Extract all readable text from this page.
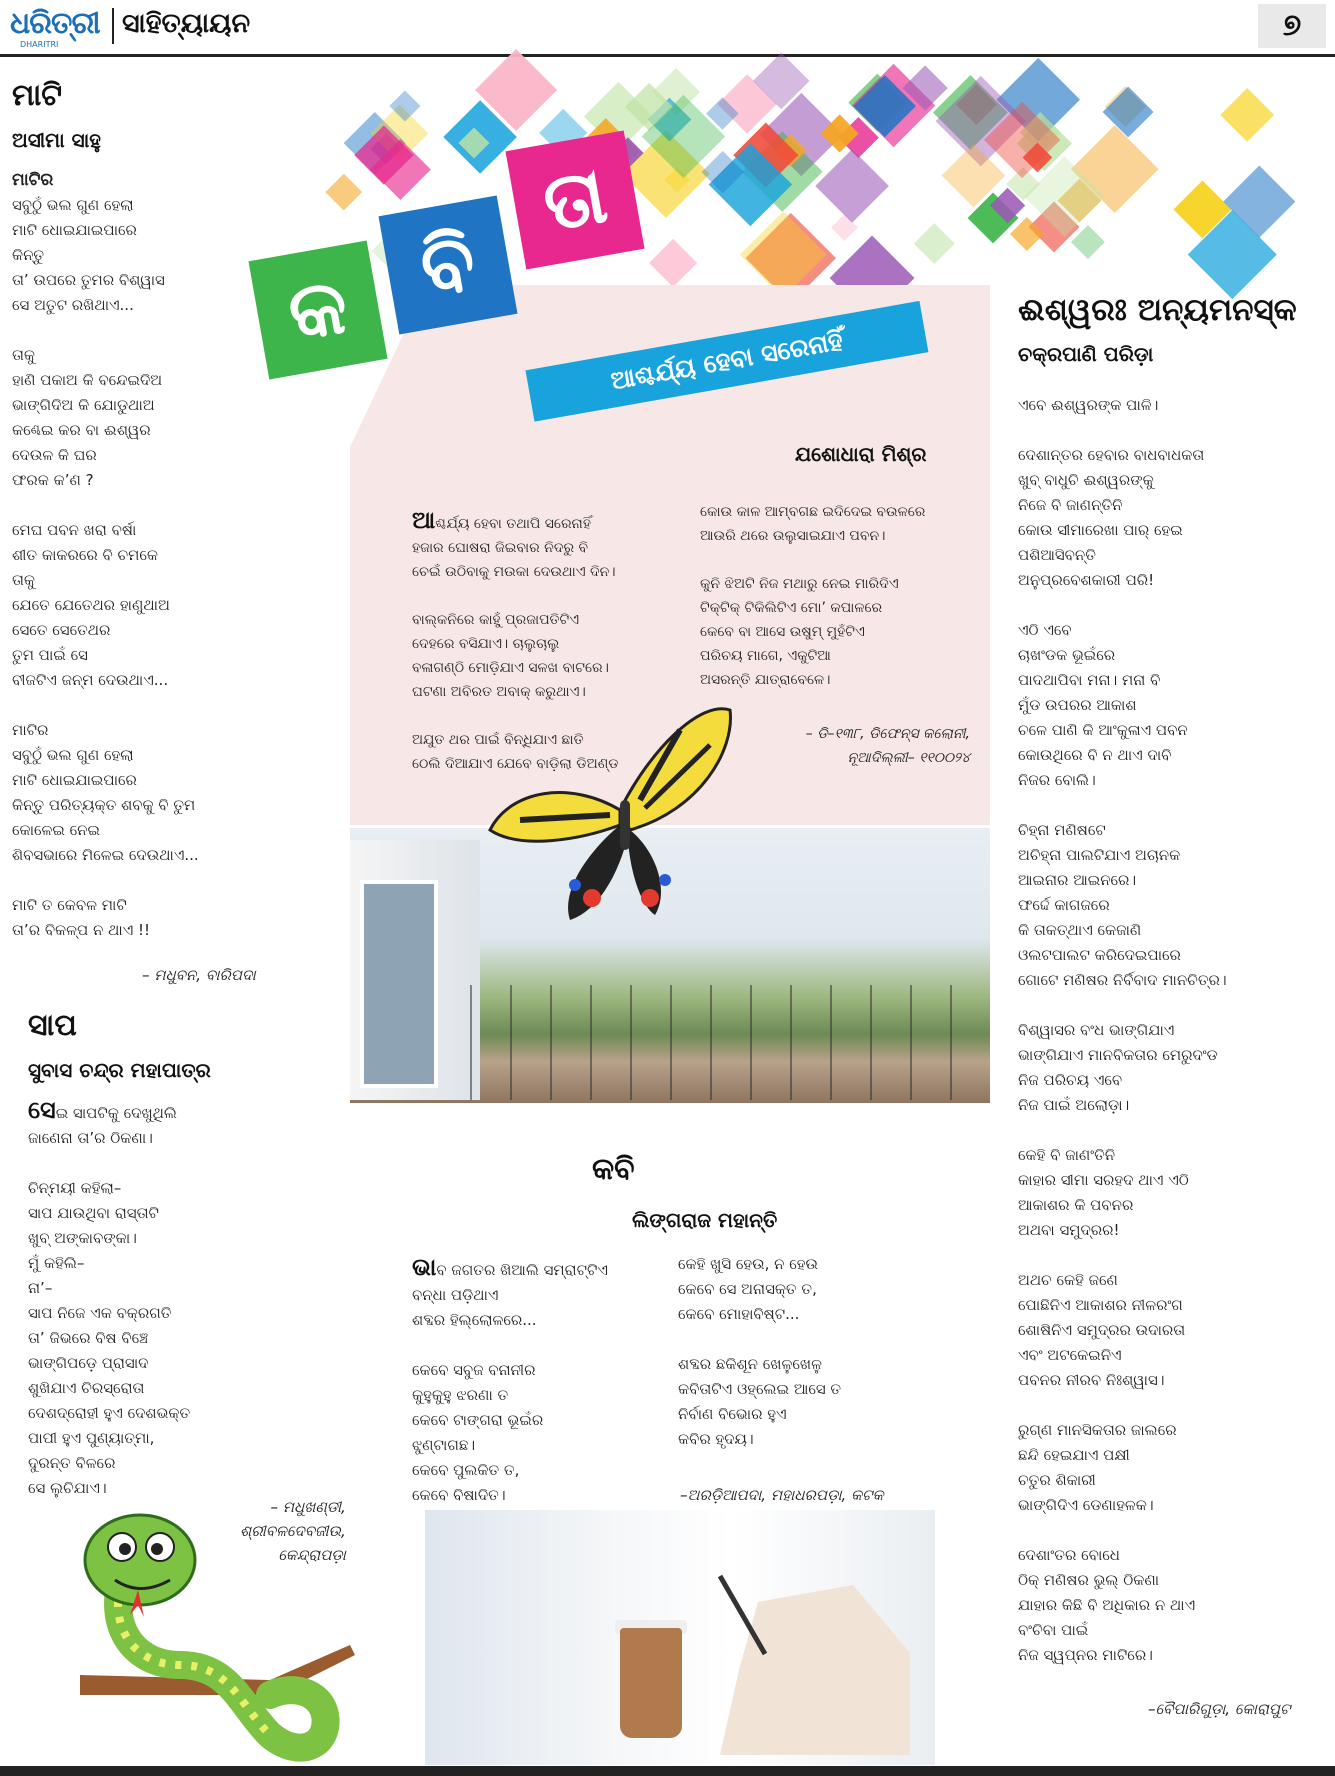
ଧରିତ୍ରୀ
DHARITRI
ସାହିତ୍ୟାୟନ	୭
କ ବି
ତା
ଆଶ୍ଚର୍ଯ୍ୟ ହେବା ସରେନାହିଁ
ମାଟି
ଅସୀମା ସାହୁ

ମାଟିର
ସବୁଠୁଁ ଭଲ ଗୁଣ ହେଲା
ମାଟି ଧୋଇଯାଇପାରେ
କିନ୍ତୁ
ତା’ ଉପରେ ତୁମର ବିଶ୍ୱାସ
ସେ ଅତୁଟ ରଖିଥାଏ...

ତାକୁ
ହାଣି ପକାଅ କି ବନ୍ଦେଇଦିଅ
ଭାଙ୍ଗିଦିଅ କି ଯୋଡୁଥାଅ
କଣ୍ଢେଇ କର ବା ଈଶ୍ୱର
ଦେଉଳ କି ଘର
ଫରକ କ’ଣ ?

ମେଘ ପବନ ଖରା ବର୍ଷା
ଶୀତ କାକରରେ ବି ଚମକେ
ତାକୁ
ଯେତେ ଯେତେଥର ହାଣୁଥାଅ
ସେତେ ସେତେଥର
ତୁମ ପାଇଁ ସେ
ବୀଜଟିଏ ଜନ୍ମ ଦେଉଥାଏ...

ମାଟିର
ସବୁଠୁଁ ଭଲ ଗୁଣ ହେଲା
ମାଟି ଧୋଇଯାଇପାରେ
କିନ୍ତୁ ପରିତ୍ୟକ୍ତ ଶବକୁ ବି ତୁମ
କୋଳେଇ ନେଇ
ଶିବସଭାରେ ମିଳେଇ ଦେଉଥାଏ...

ମାଟି ତ କେବଳ ମାଟି
ତା’ର ବିକଳ୍ପ ନ ଥାଏ !!

– ମଧୁବନ, ବାରିପଦା
ସାପ
ସୁବାସ ଚନ୍ଦ୍ର ମହାପାତ୍ର

ସେଇ ସାପଟିକୁ ଦେଖୁଥିଲି
ଜାଣେନା ତା’ର ଠିକଣା।

ଚିନ୍ମୟୀ କହିଲା–
ସାପ ଯାଉଥିବା ରାସ୍ତାଟି
ଖୁବ୍ ଅଙ୍କାବଙ୍କା।
ମୁଁ କହିଲି–
ନା’–
ସାପ ନିଜେ ଏକ ବକ୍ରଗତି
ତା’ ଜିଭରେ ବିଷ ବିଞ୍ଚେ
ଭାଙ୍ଗିପଡ଼େ ପ୍ରାସାଦ
ଶୁଖିଯାଏ ଚିରସ୍ରୋତା
ଦେଶଦ୍ରୋହୀ ହୁଏ ଦେଶଭକ୍ତ
ପାପୀ ହୁଏ ପୁଣ୍ୟାତ୍ମା,
ଦୁରନ୍ତ ବିଳରେ
ସେ ଲୁଚିଯାଏ।

– ମଧୁଖଣ୍ଡୀ,
ଶ୍ରୀବଳଦେବଜୀଉ,
କେନ୍ଦ୍ରାପଡ଼ା
ଯଶୋଧାରା ମିଶ୍ର

ଆଶ୍ଚର୍ଯ୍ୟ ହେବା ତଥାପି ସରେନାହିଁ
ହଜାର ଘୋଷରା ଜିଇବାର ନିଦରୁ ବି
ଚେଇଁ ଉଠିବାକୁ ମଉକା ଦେଉଥାଏ ଦିନ।

ବାଲ୍‌କନିରେ କାହୁଁ ପ୍ରଜାପତିଟିଏ
ଦେହରେ ବସିଯାଏ। ଚାଲୁଚାଲୁ
ବଳାଗଣ୍ଠି ମୋଡ଼ିଯାଏ ସଳଖ ବାଟରେ।
ଘଟଣା ଅବିରତ ଅବାକ୍ କରୁଥାଏ।

ଅଯୁତ ଥର ପାଇଁ ବିନ୍ଧିଯାଏ ଛାତି
ଠେଲି ଦିଆଯାଏ ଯେବେ ବାଡ଼ିଲା ଡିଅଣ୍ଡ

କୋଉ କାଳ ଆମ୍ବଗଛ ଇଦିଦେଇ ବଉଳରେ
ଆଉରି ଥରେ ଉଲୁସାଇଯାଏ ପବନ।

କୁନି ଝିଅଟି ନିଜ ମଥାରୁ ନେଇ ମାରିଦିଏ
ଟିକ୍‌ଟିକ୍ ଟିକିଲିଟିଏ ମୋ’ କପାଳରେ
କେବେ ବା ଆସେ ଉଷୁମ୍ ମୁହଁଟିଏ
ପରିଚୟ ମାଗେ, ଏକୁଟିଆ
ଅସରନ୍ତି ଯାତ୍ରାବେଳେ।

– ଡି–୧୩୮, ଡିଫେନ୍ସ କଲୋନୀ,
ନୂଆଦିଲ୍ଲୀ– ୧୧୦୦୨୪
କବି
ଲିଙ୍ଗରାଜ ମହାନ୍ତି

ଭାବ ଜଗତର ଖିଆଲି ସମ୍ରାଟ୍‌ଟିଏ
ବନ୍ଧା ପଡ଼ିଥାଏ
ଶବ୍ଦର ହିଲ୍ଲୋଳରେ...

କେବେ ସବୁଜ ବନାନୀର
କୁହୁକୁହୁ ଝରଣା ତ
କେବେ ଟାଙ୍ଗରା ଭୂଇଁର
ଝୁଣ୍ଟାଗଛ।
କେବେ ପୁଲକିତ ତ,
କେବେ ବିଷାଦିତ।

କେହି ଖୁସି ହେଉ, ନ ହେଉ
କେବେ ସେ ଅନାସକ୍ତ ତ,
କେବେ ମୋହାବିଷ୍ଟ...

ଶବ୍ଦର ଛକିଶୂନ ଖେଳୁଖେଳୁ
କବିତାଟିଏ ଓହ୍ଲେଇ ଆସେ ତ
ନିର୍ବାଣ ବିଭୋର ହୁଏ
କବିର ହୃଦୟ।

–ଅରଡ଼ିଆପଦା, ମହାଧରପଡ଼ା, କଟକ
ଈଶ୍ୱରଃ ଅନ୍ୟମନସ୍କ
ଚକ୍ରପାଣି ପରିଡ଼ା

ଏବେ ଈଶ୍ୱରଙ୍କ ପାଳି।

ଦେଶାନ୍ତର ହେବାର ବାଧବାଧକତା
ଖୁବ୍ ବାଧୁଚି ଈଶ୍ୱରଙ୍କୁ
ନିଜେ ବି ଜାଣନ୍ତିନି
କୋଉ ସୀମାରେଖା ପାର୍ ହେଇ
ପଶିଆସିବନ୍ତି
ଅନୁପ୍ରବେଶକାରୀ ପରି!

ଏଠି ଏବେ
ଚାଖଂଡକ ଭୂଇଁରେ
ପାଦଥାପିବା ମନା। ମନା ବି
ମୁଁଡ ଉପରର ଆକାଶ
ଚଳେ ପାଣି କି ଆଂକୁଳାଏ ପବନ
କୋଉଥିରେ ବି ନ ଥାଏ ଦାବି
ନିଜର ବୋଲି।

ଚିହ୍ନା ମଣିଷଟେ
ଅଚିହ୍ନା ପାଲଟିଯାଏ ଅଚାନକ
ଆଇନାର ଆଇନରେ।
ଫର୍ଦ୍ଦେ କାଗଜରେ
କି ତାକତ୍‌ଥାଏ କେଜାଣି
ଓଲଟପାଲଟ କରିଦେଇପାରେ
ଗୋଟେ ମଣିଷର ନିର୍ବିବାଦ ମାନଚିତ୍ର।

ବିଶ୍ୱାସର ବଂଧ ଭାଙ୍ଗିଯାଏ
ଭାଙ୍ଗିଯାଏ ମାନବିକତାର ମେରୁଦଂଡ
ନିଜ ପରିଚୟ ଏବେ
ନିଜ ପାଇଁ ଅଲୋଡ଼ା।

କେହି ବି ଜାଣଂତିନି
କାହାର ସୀମା ସରହଦ ଥାଏ ଏଠି
ଆକାଶର କି ପବନର
ଅଥବା ସମୁଦ୍ରର!

ଅଥଚ କେହି ଜଣେ
ପୋଛିନିଏ ଆକାଶର ନୀଳରଂଗ
ଶୋଷିନିଏ ସମୁଦ୍ରର ଉଦାରତା
ଏବଂ ଅଟକେଇନିଏ
ପବନର ନୀରବ ନିଃଶ୍ୱାସ।

ରୁଗ୍‌ଣ ମାନସିକତାର ଜାଲରେ
ଛନ୍ଦି ହେଇଯାଏ ପକ୍ଷୀ
ଚତୁର ଶିକାରୀ
ଭାଙ୍ଗିଦିଏ ଡେଣାହଳକ।

ଦେଶାଂତର ବୋଧେ
ଠିକ୍ ମଣିଷର ଭୁଲ୍ ଠିକଣା
ଯାହାର କିଛି ବି ଅଧିକାର ନ ଥାଏ
ବଂଚିବା ପାଇଁ
ନିଜ ସ୍ୱପ୍ନର ମାଟିରେ।

–ବୈପାରିଗୁଡ଼ା, କୋରାପୁଟ
